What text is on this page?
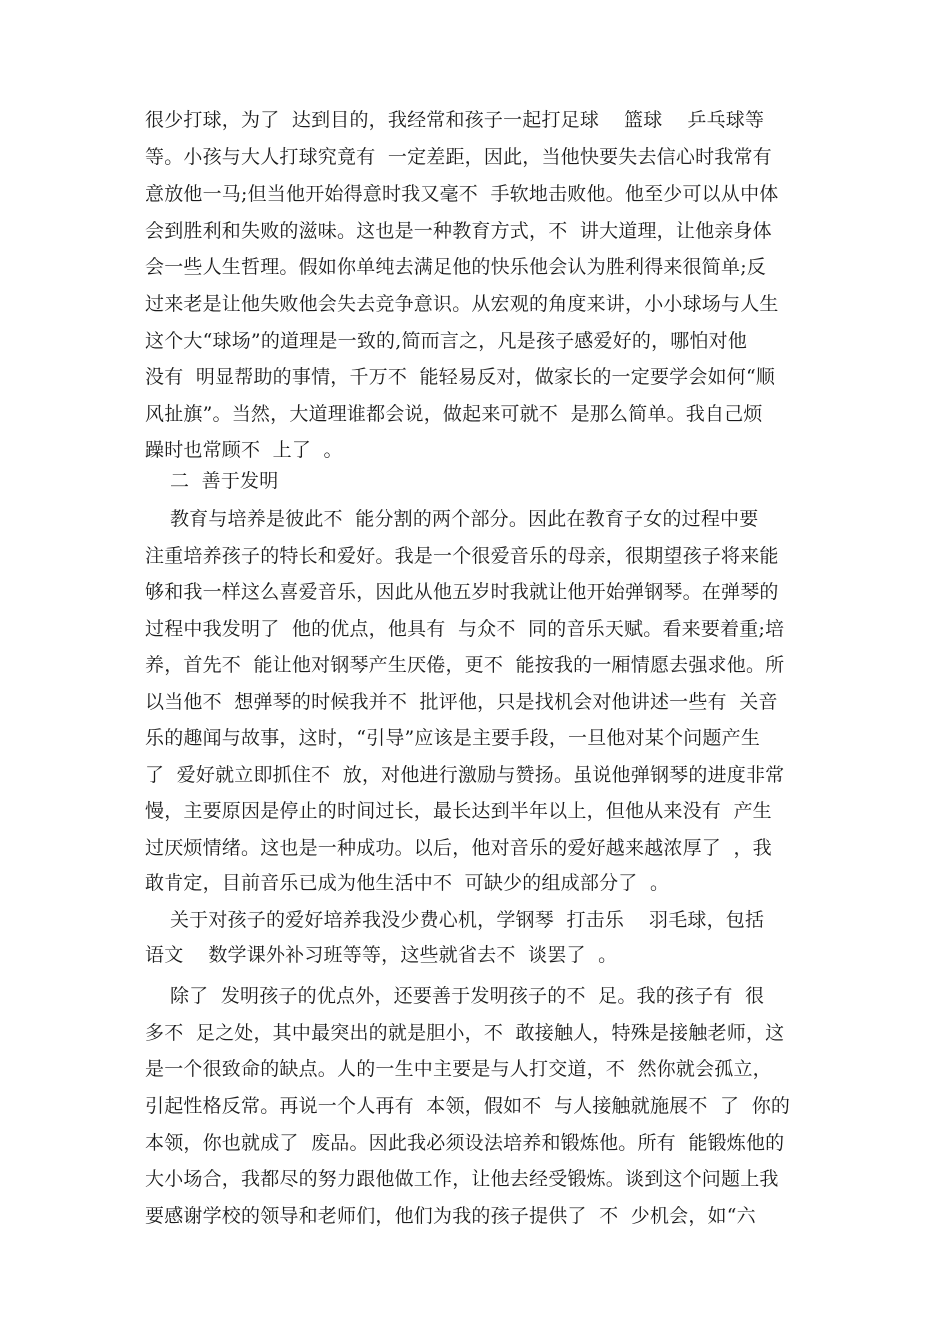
很少打球，为了  达到目的，我经常和孩子一起打足球    篮球    乒乓球等
等。小孩与大人打球究竟有  一定差距，因此，当他快要失去信心时我常有
意放他一马;但当他开始得意时我又毫不  手软地击败他。他至少可以从中体
会到胜利和失败的滋味。这也是一种教育方式，不  讲大道理，让他亲身体
会一些人生哲理。假如你单纯去满足他的快乐他会认为胜利得来很简单;反
过来老是让他失败他会失去竞争意识。从宏观的角度来讲，小小球场与人生
这个大“球场”的道理是一致的,简而言之，凡是孩子感爱好的，哪怕对他
没有  明显帮助的事情，千万不  能轻易反对，做家长的一定要学会如何“顺
风扯旗”。当然，大道理谁都会说，做起来可就不  是那么简单。我自己烦
躁时也常顾不  上了  。
二  善于发明
教育与培养是彼此不  能分割的两个部分。因此在教育子女的过程中要
注重培养孩子的特长和爱好。我是一个很爱音乐的母亲，很期望孩子将来能
够和我一样这么喜爱音乐，因此从他五岁时我就让他开始弹钢琴。在弹琴的
过程中我发明了  他的优点，他具有  与众不  同的音乐天赋。看来要着重;培
养，首先不  能让他对钢琴产生厌倦，更不  能按我的一厢情愿去强求他。所
以当他不  想弹琴的时候我并不  批评他，只是找机会对他讲述一些有  关音
乐的趣闻与故事，这时，“引导”应该是主要手段，一旦他对某个问题产生
了  爱好就立即抓住不  放，对他进行激励与赞扬。虽说他弹钢琴的进度非常
慢，主要原因是停止的时间过长，最长达到半年以上，但他从来没有  产生
过厌烦情绪。这也是一种成功。以后，他对音乐的爱好越来越浓厚了  ，我
敢肯定，目前音乐已成为他生活中不  可缺少的组成部分了  。
关于对孩子的爱好培养我没少费心机，学钢琴  打击乐    羽毛球，包括
语文    数学课外补习班等等，这些就省去不  谈罢了  。
除了  发明孩子的优点外，还要善于发明孩子的不  足。我的孩子有  很
多不  足之处，其中最突出的就是胆小，不  敢接触人，特殊是接触老师，这
是一个很致命的缺点。人的一生中主要是与人打交道，不  然你就会孤立，
引起性格反常。再说一个人再有  本领，假如不  与人接触就施展不  了  你的
本领，你也就成了  废品。因此我必须设法培养和锻炼他。所有  能锻炼他的
大小场合，我都尽的努力跟他做工作，让他去经受锻炼。谈到这个问题上我
要感谢学校的领导和老师们，他们为我的孩子提供了  不  少机会，如“六
